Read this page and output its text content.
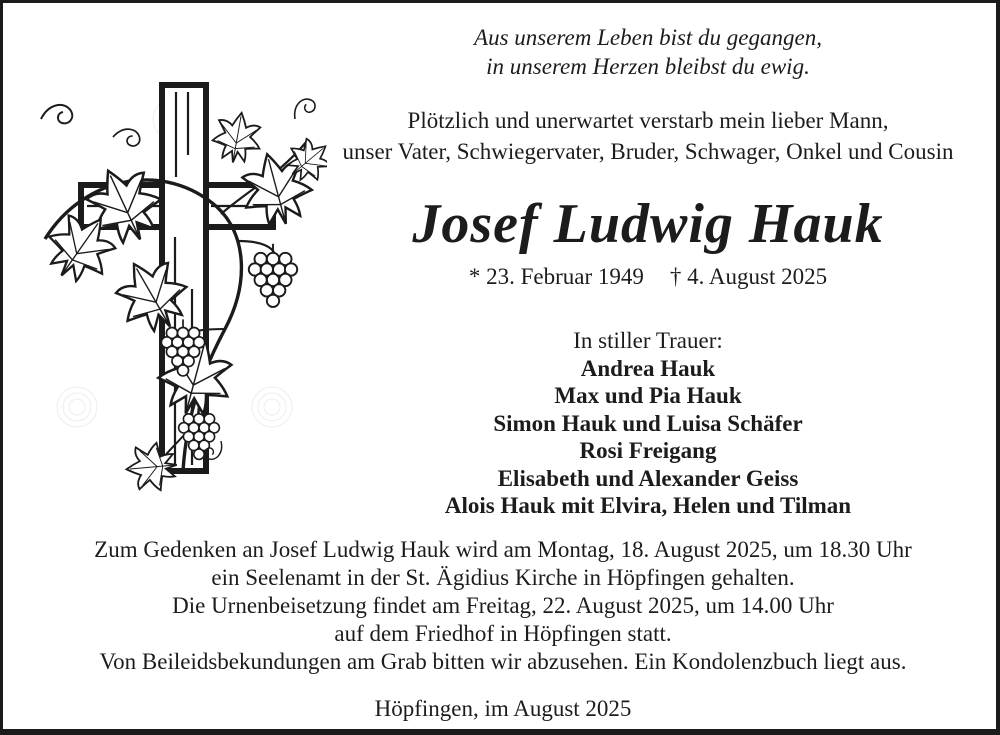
Aus unserem Leben bist du gegangen,
in unserem Herzen bleibst du ewig.
Plötzlich und unerwartet verstarb mein lieber Mann,
unser Vater, Schwiegervater, Bruder, Schwager, Onkel und Cousin
Josef Ludwig Hauk
* 23. Februar 1949 † 4. August 2025
In stiller Trauer:
Andrea Hauk
Max und Pia Hauk
Simon Hauk und Luisa Schäfer
Rosi Freigang
Elisabeth und Alexander Geiss
Alois Hauk mit Elvira, Helen und Tilman
Zum Gedenken an Josef Ludwig Hauk wird am Montag, 18. August 2025, um 18.30 Uhr
ein Seelenamt in der St. Ägidius Kirche in Höpfingen gehalten.
Die Urnenbeisetzung findet am Freitag, 22. August 2025, um 14.00 Uhr
auf dem Friedhof in Höpfingen statt.
Von Beileidsbekundungen am Grab bitten wir abzusehen. Ein Kondolenzbuch liegt aus.
Höpfingen, im August 2025
